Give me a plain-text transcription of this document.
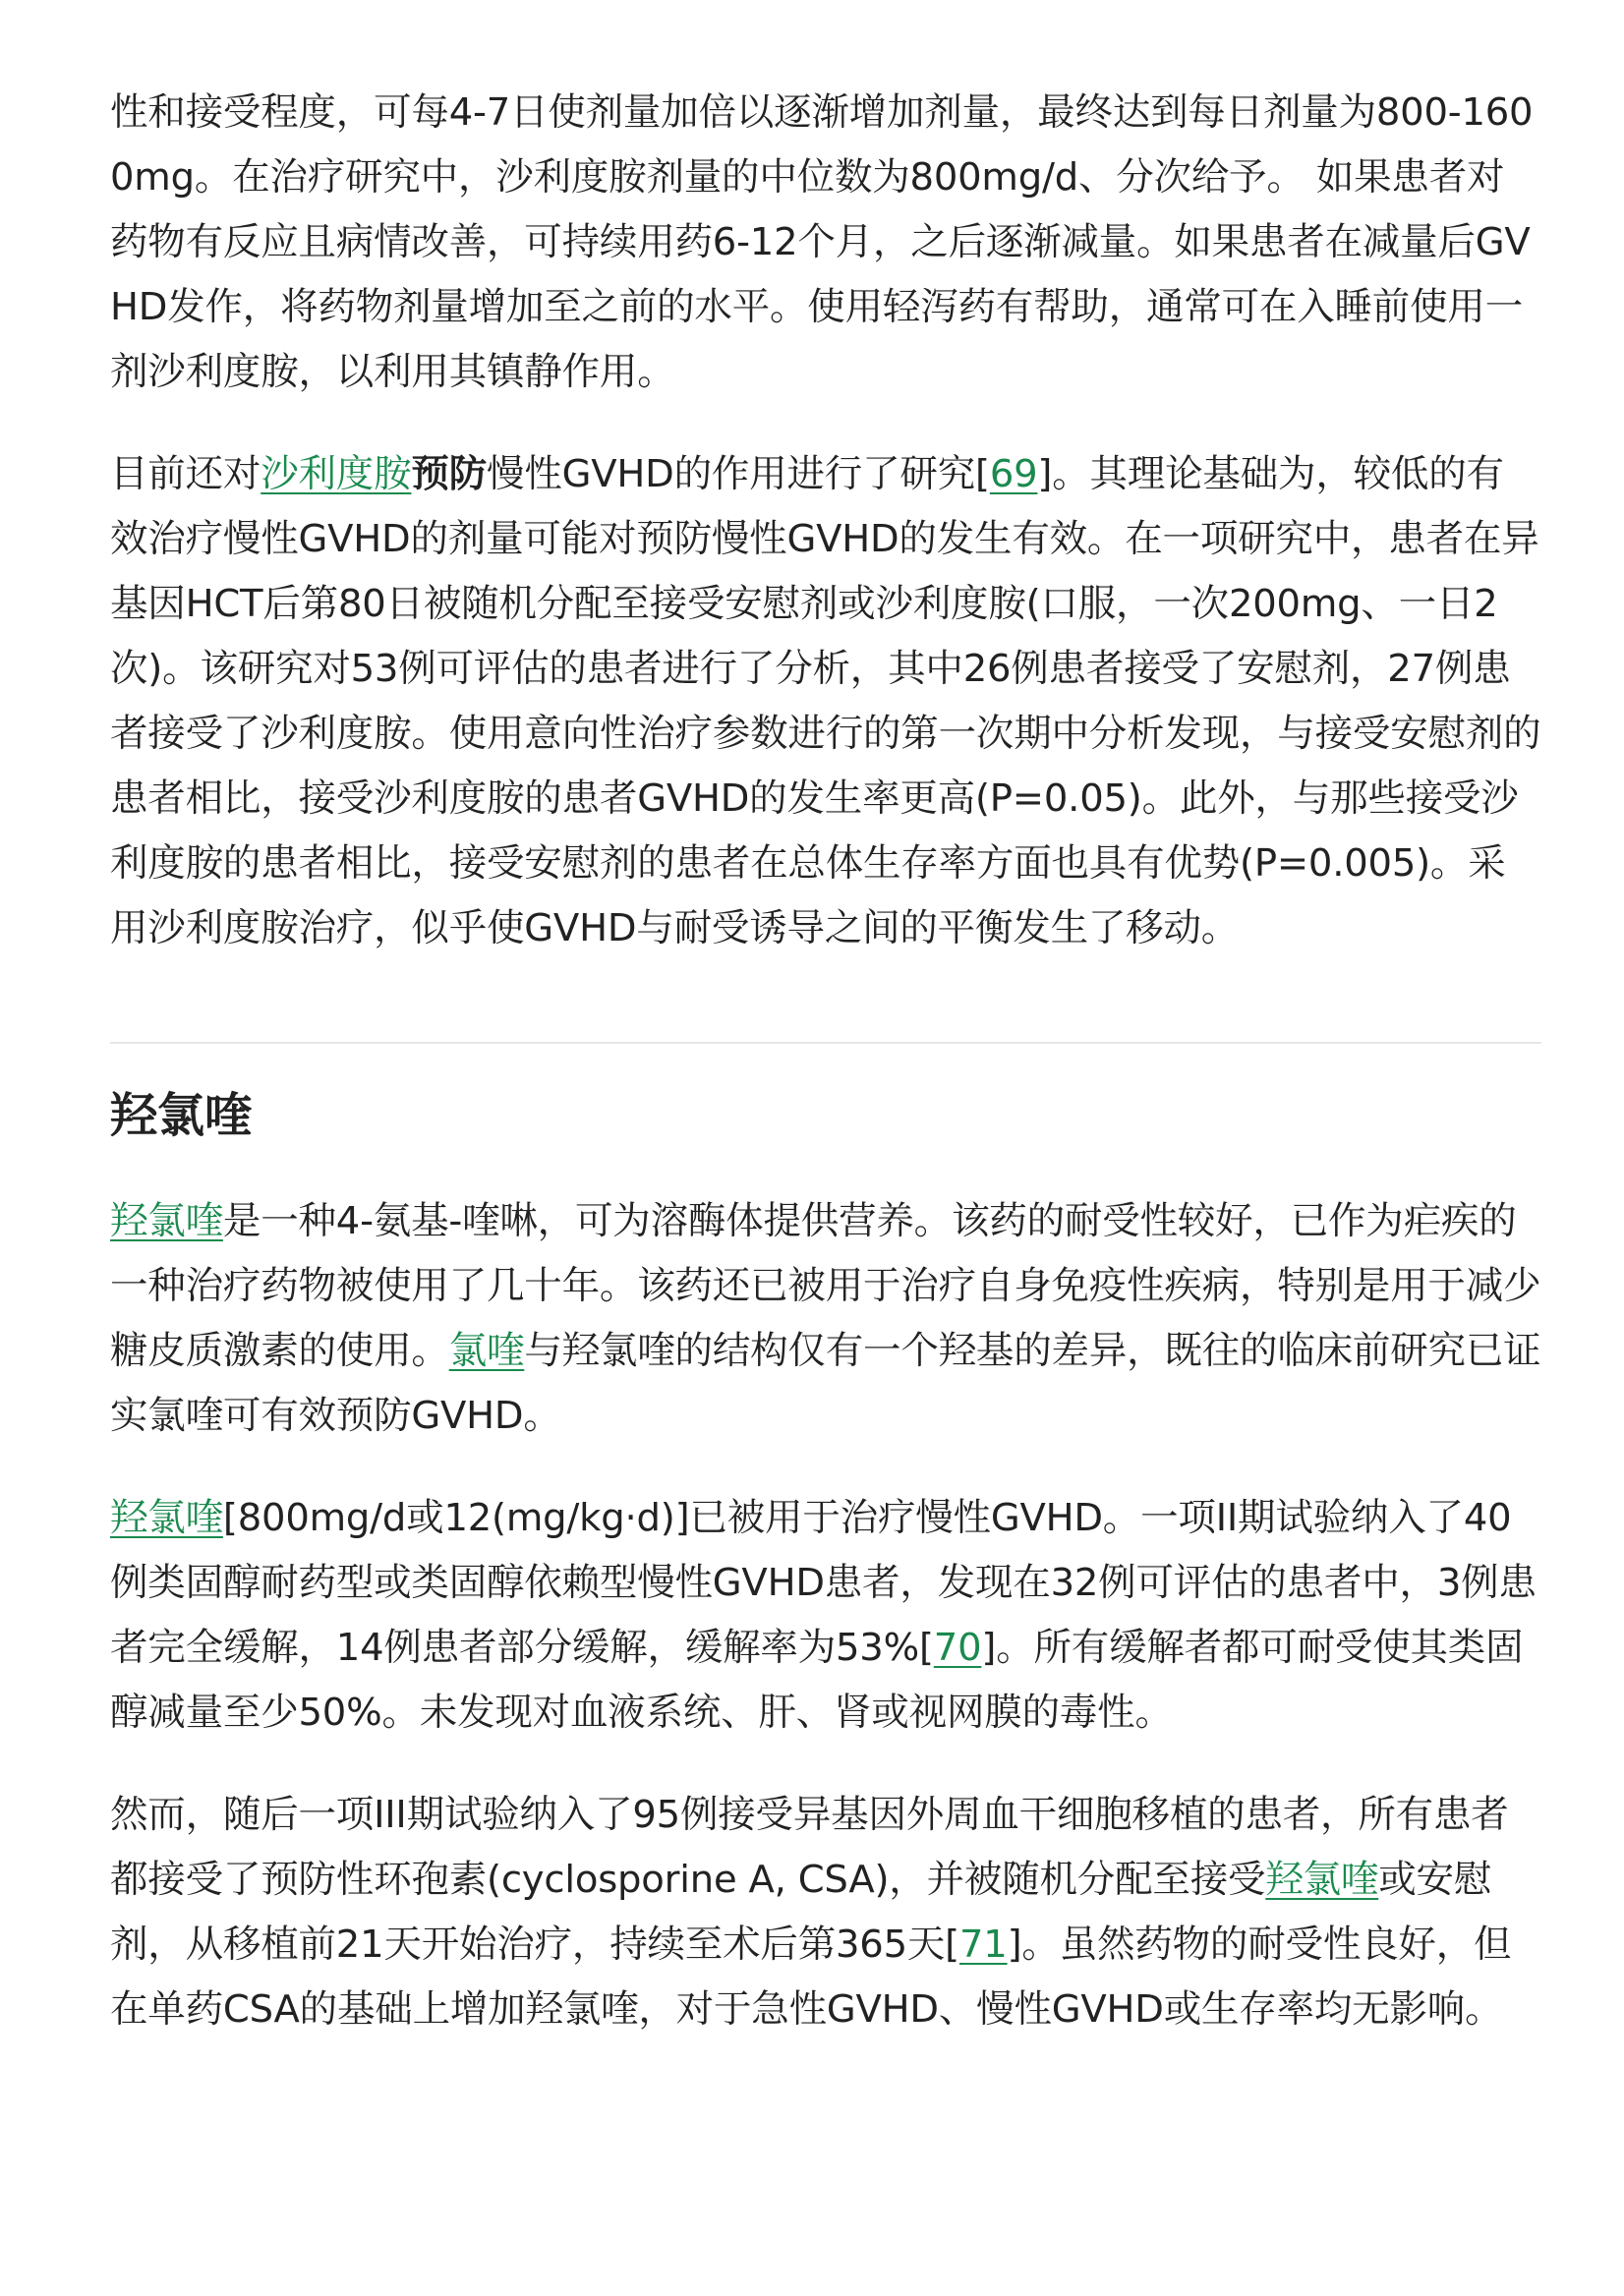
性和接受程度，可每4-7日使剂量加倍以逐渐增加剂量，最终达到每日剂量为800-1600mg。在治疗研究中，沙利度胺剂量的中位数为800mg/d、分次给予。 如果患者对药物有反应且病情改善，可持续用药6-12个月，之后逐渐减量。如果患者在减量后GVHD发作，将药物剂量增加至之前的水平。使用轻泻药有帮助，通常可在入睡前使用一剂沙利度胺，以利用其镇静作用。

目前还对沙利度胺预防慢性GVHD的作用进行了研究[69]。其理论基础为，较低的有效治疗慢性GVHD的剂量可能对预防慢性GVHD的发生有效。在一项研究中，患者在异基因HCT后第80日被随机分配至接受安慰剂或沙利度胺(口服，一次200mg、一日2次)。该研究对53例可评估的患者进行了分析，其中26例患者接受了安慰剂，27例患者接受了沙利度胺。使用意向性治疗参数进行的第一次期中分析发现，与接受安慰剂的患者相比，接受沙利度胺的患者GVHD的发生率更高(P=0.05)。此外，与那些接受沙利度胺的患者相比，接受安慰剂的患者在总体生存率方面也具有优势(P=0.005)。采用沙利度胺治疗，似乎使GVHD与耐受诱导之间的平衡发生了移动。

羟氯喹

羟氯喹是一种4-氨基-喹啉，可为溶酶体提供营养。该药的耐受性较好，已作为疟疾的一种治疗药物被使用了几十年。该药还已被用于治疗自身免疫性疾病，特别是用于减少糖皮质激素的使用。氯喹与羟氯喹的结构仅有一个羟基的差异，既往的临床前研究已证实氯喹可有效预防GVHD。

羟氯喹[800mg/d或12(mg/kg·d)]已被用于治疗慢性GVHD。一项II期试验纳入了40例类固醇耐药型或类固醇依赖型慢性GVHD患者，发现在32例可评估的患者中，3例患者完全缓解，14例患者部分缓解，缓解率为53%[70]。所有缓解者都可耐受使其类固醇减量至少50%。未发现对血液系统、肝、肾或视网膜的毒性。

然而，随后一项III期试验纳入了95例接受异基因外周血干细胞移植的患者，所有患者都接受了预防性环孢素(cyclosporine A, CSA)，并被随机分配至接受羟氯喹或安慰剂，从移植前21天开始治疗，持续至术后第365天[71]。虽然药物的耐受性良好，但在单药CSA的基础上增加羟氯喹，对于急性GVHD、慢性GVHD或生存率均无影响。
